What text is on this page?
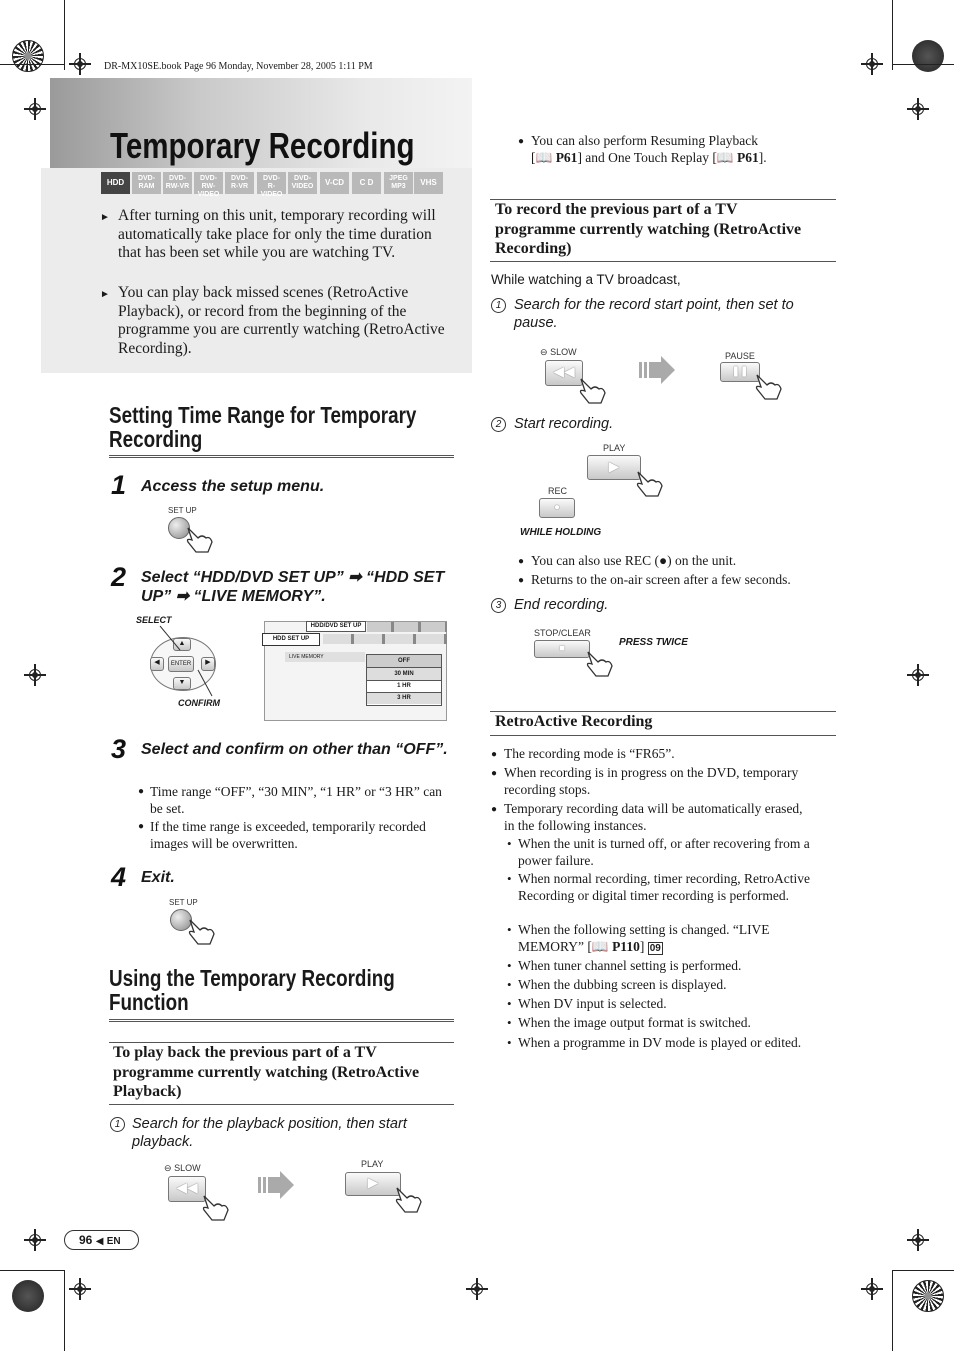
DR-MX10SE.book Page 96 Monday, November 28, 2005 1:11 PM
Temporary Recording
HDD	DVD-
RAM
DVD-
RW-VR
DVD-
RW-VIDEO
DVD-
R-VR
DVD-
R-VIDEO
DVD-
VIDEO	V-CD	C D	JPEG
MP3	VHS
► After turning on this unit, temporary recording will automatically take place for only the time duration that has been set while you are watching TV.
► You can play back missed scenes (RetroActive Playback), or record from the beginning of the programme you are currently watching (RetroActive Recording).
Setting Time Range for Temporary Recording
1 Access the setup menu.
SET UP
2 Select “HDD/DVD SET UP” ➡ “HDD SET UP” ➡ “LIVE MEMORY”.
SELECT
▲
▼
◀	▶
ENTER
CONFIRM
HDD/DVD SET UP
HDD SET UP
LIVE MEMORY
OFF
30 MIN
1 HR
3 HR
3 Select and confirm on other than “OFF”.
● Time range “OFF”, “30 MIN”, “1 HR” or “3 HR” can be set.
● If the time range is exceeded, temporarily recorded images will be overwritten.
4 Exit.
SET UP
Using the Temporary Recording Function
To play back the previous part of a TV programme currently watching (RetroActive Playback)
1 Search for the playback position, then start playback.
⊖ SLOW
◀◀
PLAY
▶
● You can also perform Resuming Playback
[📖 P61] and One Touch Replay [📖 P61].
To record the previous part of a TV programme currently watching (RetroActive Recording)
While watching a TV broadcast,
1 Search for the record start point, then set to pause.
⊖ SLOW
◀◀
PAUSE
❚❚
2 Start recording.
PLAY
▶
REC
●
WHILE HOLDING
● You can also use REC (●) on the unit.
● Returns to the on-air screen after a few seconds.
3 End recording.
STOP/CLEAR
■
PRESS TWICE
RetroActive Recording
● The recording mode is “FR65”.
● When recording is in progress on the DVD, temporary recording stops.
● Temporary recording data will be automatically erased, in the following instances.
• When the unit is turned off, or after recovering from a power failure.
• When normal recording, timer recording, RetroActive Recording or digital timer recording is performed.
• When the following setting is changed. “LIVE MEMORY” [📖 P110] 09
• When tuner channel setting is performed.
• When the dubbing screen is displayed.
• When DV input is selected.
• When the image output format is switched.
• When a programme in DV mode is played or edited.
96 ◀ EN
